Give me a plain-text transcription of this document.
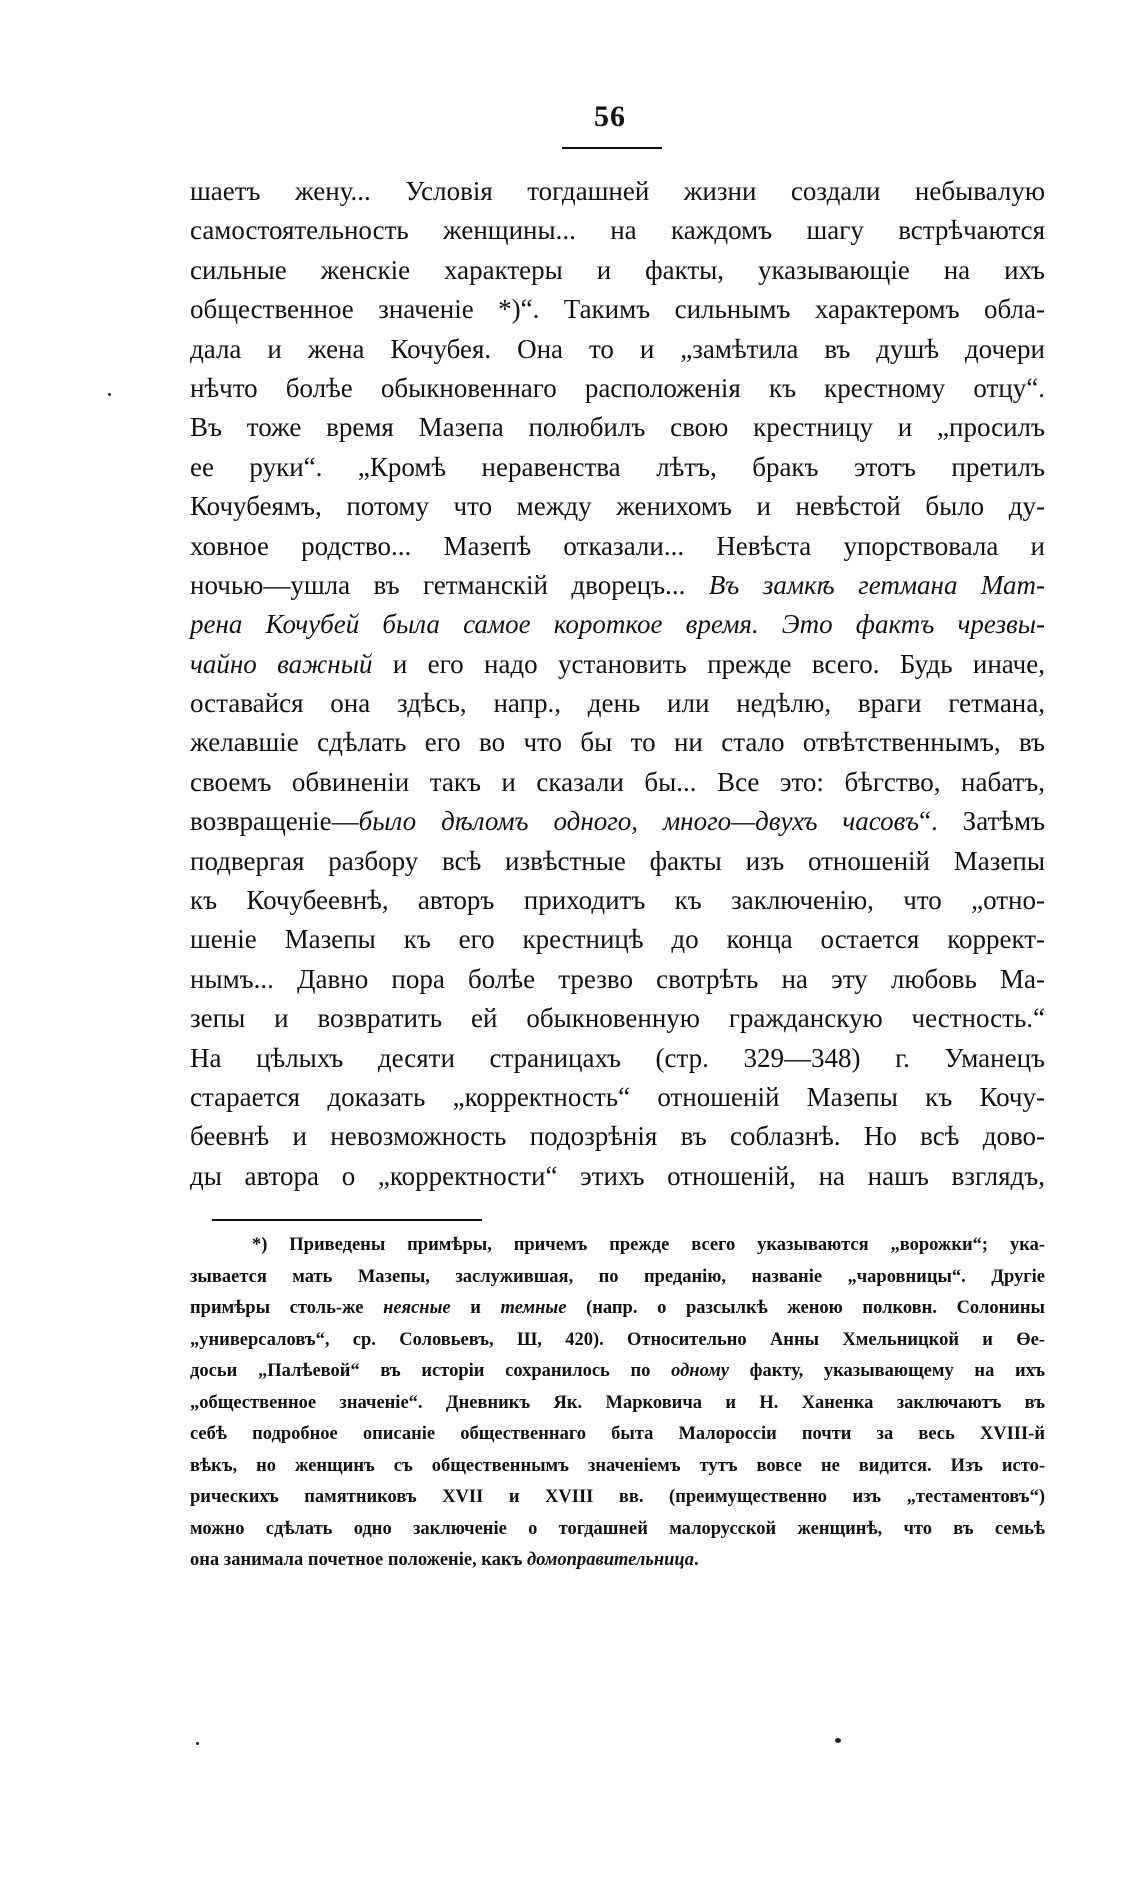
56
шаетъ жену... Условія тогдашней жизни создали небывалую
самостоятельность женщины... на каждомъ шагу встрѣчаются
сильные женскіе характеры и факты, указывающіе на ихъ
общественное значеніе *)“. Такимъ сильнымъ характеромъ обла-
дала и жена Кочубея. Она то и „замѣтила въ душѣ дочери
нѣчто болѣе обыкновеннаго расположенія къ крестному отцу“.
Въ тоже время Мазепа полюбилъ свою крестницу и „просилъ
ее руки“. „Кромѣ неравенства лѣтъ, бракъ этотъ претилъ
Кочубеямъ, потому что между женихомъ и невѣстой было ду-
ховное родство... Мазепѣ отказали... Невѣста упорствовала и
ночью—ушла въ гетманскій дворецъ... Въ замкѣ гетмана Мат-
рена Кочубей была самое короткое время. Это фактъ чрезвы-
чайно важный и его надо установить прежде всего. Будь иначе,
оставайся она здѣсь, напр., день или недѣлю, враги гетмана,
желавшіе сдѣлать его во что бы то ни стало отвѣтственнымъ, въ
своемъ обвиненіи такъ и сказали бы... Все это: бѣгство, набатъ,
возвращеніе—было дѣломъ одного, много—двухъ часовъ“. Затѣмъ
подвергая разбору всѣ извѣстные факты изъ отношеній Мазепы
къ Кочубеевнѣ, авторъ приходитъ къ заключенію, что „отно-
шеніе Мазепы къ его крестницѣ до конца остается коррект-
нымъ... Давно пора болѣе трезво свотрѣть на эту любовь Ма-
зепы и возвратить ей обыкновенную гражданскую честность.“
На цѣлыхъ десяти страницахъ (стр. 329—348) г. Уманецъ
старается доказать „корректность“ отношеній Мазепы къ Кочу-
беевнѣ и невозможность подозрѣнія въ соблазнѣ. Но всѣ дово-
ды автора о „корректности“ этихъ отношеній, на нашъ взглядъ,
*) Приведены примѣры, причемъ прежде всего указываются „ворожки“; ука-
зывается мать Мазепы, заслужившая, по преданію, названіе „чаровницы“. Другіе
примѣры столь-же неясные и темные (напр. о разсылкѣ женою полковн. Солонины
„универсаловъ“, ср. Соловьевъ, Ш, 420). Относительно Анны Хмельницкой и Өе-
досьи „Палѣевой“ въ исторіи сохранилось по одному факту, указывающему на ихъ
„общественное значеніе“. Дневникъ Як. Марковича и Н. Ханенка заключаютъ въ
себѣ подробное описаніе общественнаго быта Малороссіи почти за весь XVIII-й
вѣкъ, но женщинъ съ общественнымъ значеніемъ тутъ вовсе не видится. Изъ исто-
рическихъ памятниковъ XVII и XVIII вв. (преимущественно изъ „тестаментовъ“)
можно сдѣлать одно заключеніе о тогдашней малорусской женщинѣ, что въ семьѣ
она занимала почетное положеніе, какъ домоправительница.
